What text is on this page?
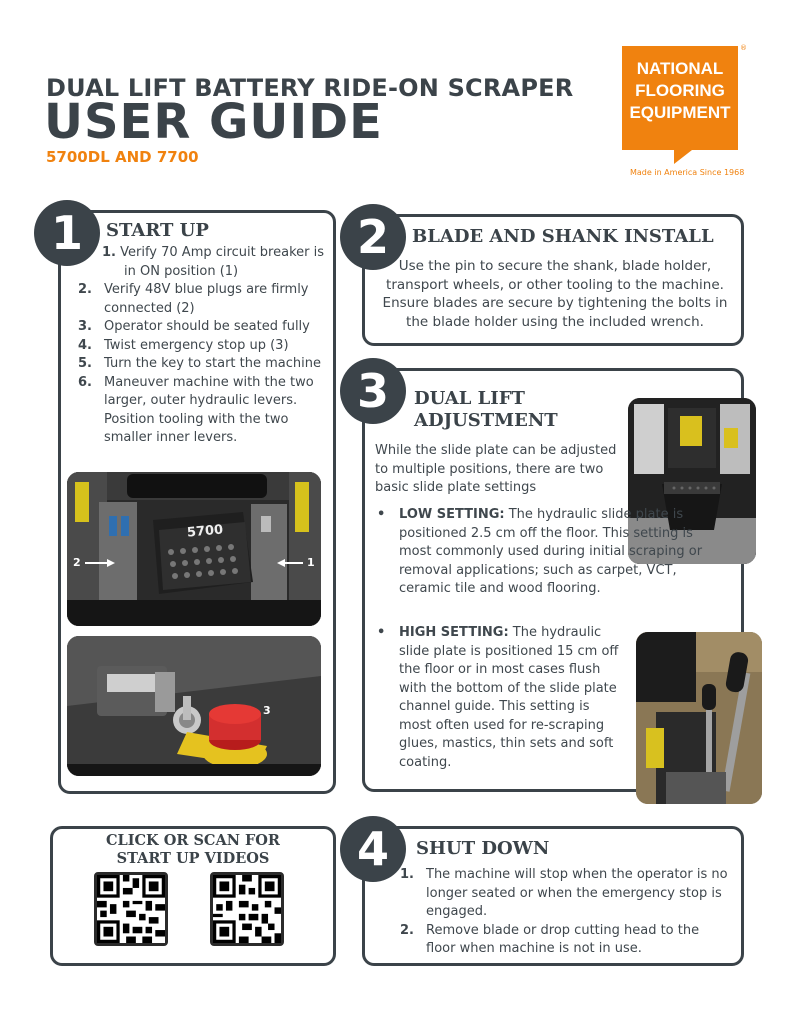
DUAL LIFT BATTERY RIDE-ON SCRAPER
USER GUIDE
5700DL AND 7700
NATIONAL
FLOORING
EQUIPMENT
®
Made in America Since 1968
1	START UP
1. Verify 70 Amp circuit breaker is in ON position (1)
2. Verify 48V blue plugs are firmly connected (2)
3. Operator should be seated fully
4. Twist emergency stop up (3)
5. Turn the key to start the machine
6. Maneuver machine with the two larger, outer hydraulic levers. Position tooling with the two smaller inner levers.
5700
2	1
3
2	BLADE AND SHANK INSTALL
Use the pin to secure the shank, blade holder, transport wheels, or other tooling to the machine. Ensure blades are secure by tightening the bolts in the blade holder using the included wrench.
3	DUAL LIFT
ADJUSTMENT
While the slide plate can be adjusted to multiple positions, there are two basic slide plate settings
• LOW SETTING: The hydraulic slide plate is positioned 2.5 cm off the floor. This setting is most commonly used during initial scraping or removal applications; such as carpet, VCT, ceramic tile and wood flooring.
• HIGH SETTING: The hydraulic slide plate is positioned 15 cm off the floor or in most cases flush with the bottom of the slide plate channel guide. This setting is most often used for re-scraping glues, mastics, thin sets and soft coating.
CLICK OR SCAN FOR
START UP VIDEOS	4	SHUT DOWN
1. The machine will stop when the operator is no longer seated or when the emergency stop is engaged.
2. Remove blade or drop cutting head to the floor when machine is not in use.
